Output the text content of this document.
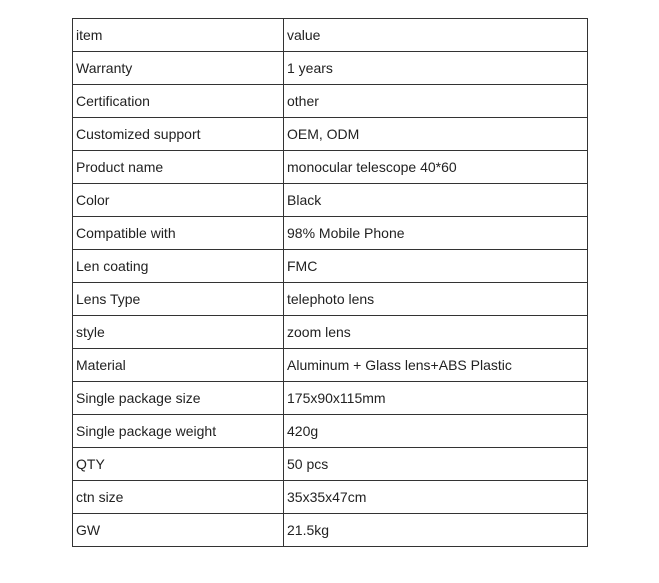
item	value
Warranty	1 years
Certification	other
Customized support	OEM, ODM
Product name	monocular telescope 40*60
Color	Black
Compatible with	98% Mobile Phone
Len coating	FMC
Lens Type	telephoto lens
style	zoom lens
Material	Aluminum + Glass lens+ABS Plastic
Single package size	175x90x115mm
Single package weight	420g
QTY	50 pcs
ctn size	35x35x47cm
GW	21.5kg
